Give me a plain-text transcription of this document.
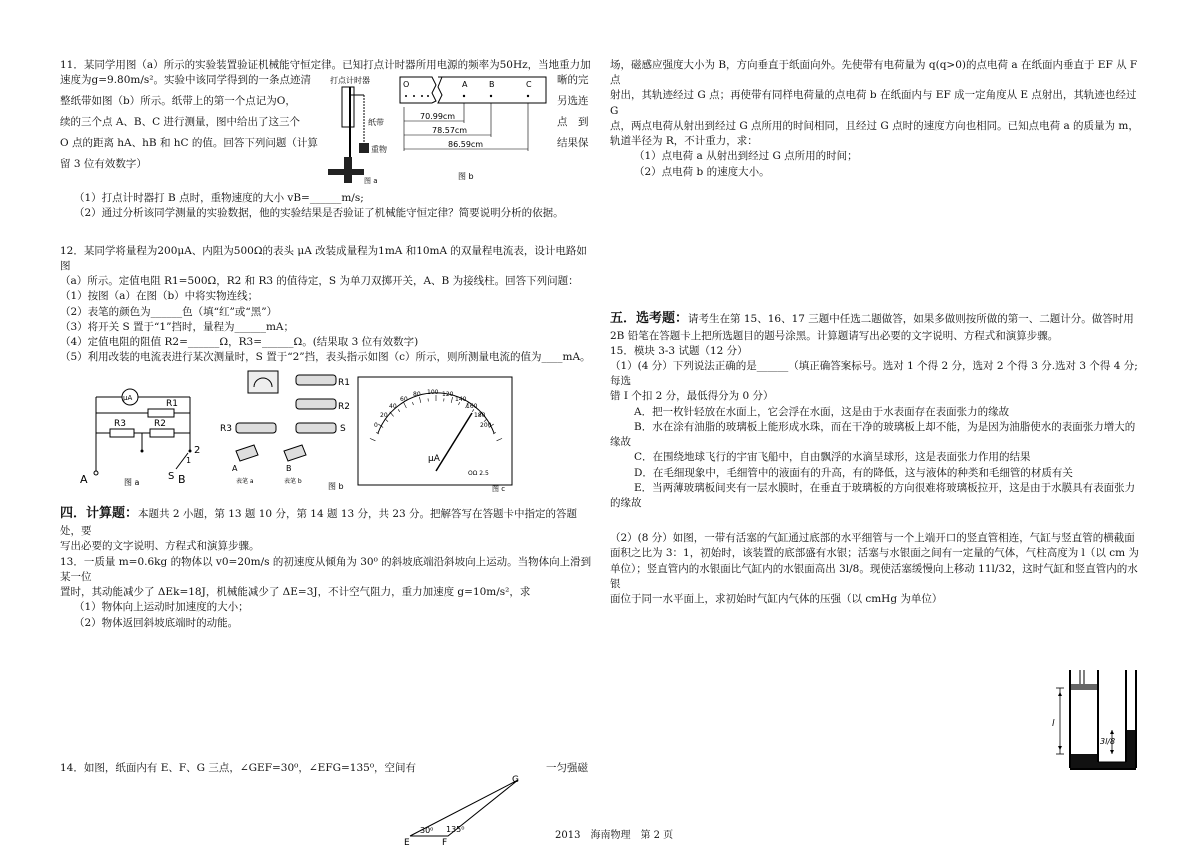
11．某同学用图（a）所示的实验装置验证机械能守恒定律。已知打点计时器所用电源的频率为50Hz，当地重力加

速度为g=9.80m/s²。实验中该同学得到的一条点迹清

整纸带如图（b）所示。纸带上的第一个点记为O，

续的三个点 A、B、C 进行测量，图中给出了这三个

O 点的距离 hA、hB 和 hC 的值。回答下列问题（计算

留 3 位有效数字）

晰的完

另选连

点　到

结果保

打点计时器
纸带
重物
图 a
O	A	B	C
70.99cm
78.57cm
86.59cm
图 b

（1）打点计时器打 B 点时，重物速度的大小 vB=______m/s;

（2）通过分析该同学测量的实验数据，他的实验结果是否验证了机械能守恒定律？简要说明分析的依据。

12．某同学将量程为200μA、内阻为500Ω的表头 μA 改装成量程为1mA 和10mA 的双量程电流表，设计电路如图

（a）所示。定值电阻 R1=500Ω，R2 和 R3 的值待定，S 为单刀双掷开关，A、B 为接线柱。回答下列问题：

（1）按图（a）在图（b）中将实物连线；

（2）表笔的颜色为______色（填“红”或“黑”）

（3）将开关 S 置于“1”挡时，量程为______mA；

（4）定值电阻的阻值 R2=______Ω，R3=______Ω。(结果取 3 位有效数字)

（5）利用改装的电流表进行某次测量时，S 置于“2”挡，表头指示如图（c）所示，则所测量电流的值为____mA。

μA
R1
R3	R2
1
2
S
A	B
图 a
R1
R2
R3	S
A	B
表笔 a	表笔 b
图 b
0
20
40
60
80 100 120
140
160
180
200
μA
OΩ 2.5
图 c

四．计算题：本题共 2 小题，第 13 题 10 分，第 14 题 13 分，共 23 分。把解答写在答题卡中指定的答题处，要

写出必要的文字说明、方程式和演算步骤。

13．一质量 m=0.6kg 的物体以 v0=20m/s 的初速度从倾角为 30⁰ 的斜坡底端沿斜坡向上运动。当物体向上滑到某一位

置时，其动能减少了 ΔEk=18J，机械能减少了 ΔE=3J，不计空气阻力，重力加速度 g=10m/s²，求

（1）物体向上运动时加速度的大小；

（2）物体返回斜坡底端时的动能。

14．如图，纸面内有 E、F、G 三点，∠GEF=30⁰，∠EFG=135⁰，空间有	一匀强磁

E	F
G
30⁰ 135⁰

场，磁感应强度大小为 B，方向垂直于纸面向外。先使带有电荷量为 q(q>0)的点电荷 a 在纸面内垂直于 EF 从 F 点

射出，其轨迹经过 G 点；再使带有同样电荷量的点电荷 b 在纸面内与 EF 成一定角度从 E 点射出，其轨迹也经过 G

点，两点电荷从射出到经过 G 点所用的时间相同，且经过 G 点时的速度方向也相同。已知点电荷 a 的质量为 m，

轨道半径为 R，不计重力，求：

（1）点电荷 a 从射出到经过 G 点所用的时间；

（2）点电荷 b 的速度大小。

五．选考题：请考生在第 15、16、17 三题中任选二题做答，如果多做则按所做的第一、二题计分。做答时用

2B 铅笔在答题卡上把所选题目的题号涂黑。计算题请写出必要的文字说明、方程式和演算步骤。

15．模块 3-3 试题（12 分）

（1）(4 分）下列说法正确的是______（填正确答案标号。选对 1 个得 2 分，选对 2 个得 3 分.选对 3 个得 4 分;每选

错 I 个扣 2 分，最低得分为 0 分）

A．把一枚针轻放在水面上，它会浮在水面，这是由于水表面存在表面张力的缘故

B．水在涂有油脂的玻璃板上能形成水珠，而在干净的玻璃板上却不能，为是因为油脂使水的表面张力增大的

缘故

C．在围绕地球飞行的宇宙飞船中，自由飘浮的水滴呈球形，这是表面张力作用的结果

D．在毛细现象中，毛细管中的液面有的升高，有的降低，这与液体的种类和毛细管的材质有关

E．当两薄玻璃板间夹有一层水膜时，在垂直于玻璃板的方向很难将玻璃板拉开，这是由于水膜具有表面张力

的缘故

（2）(8 分）如图，一带有活塞的气缸通过底部的水平细管与一个上端开口的竖直管相连，气缸与竖直管的横截面

面积之比为 3：1，初始时，该装置的底部盛有水银；活塞与水银面之间有一定量的气体，气柱高度为 l（以 cm 为

单位）；竖直管内的水银面比气缸内的水银面高出 3l/8。现使活塞缓慢向上移动 11l/32，这时气缸和竖直管内的水银

面位于同一水平面上，求初始时气缸内气体的压强（以 cmHg 为单位）

l
3l/8

2013　海南物理　第 2 页
